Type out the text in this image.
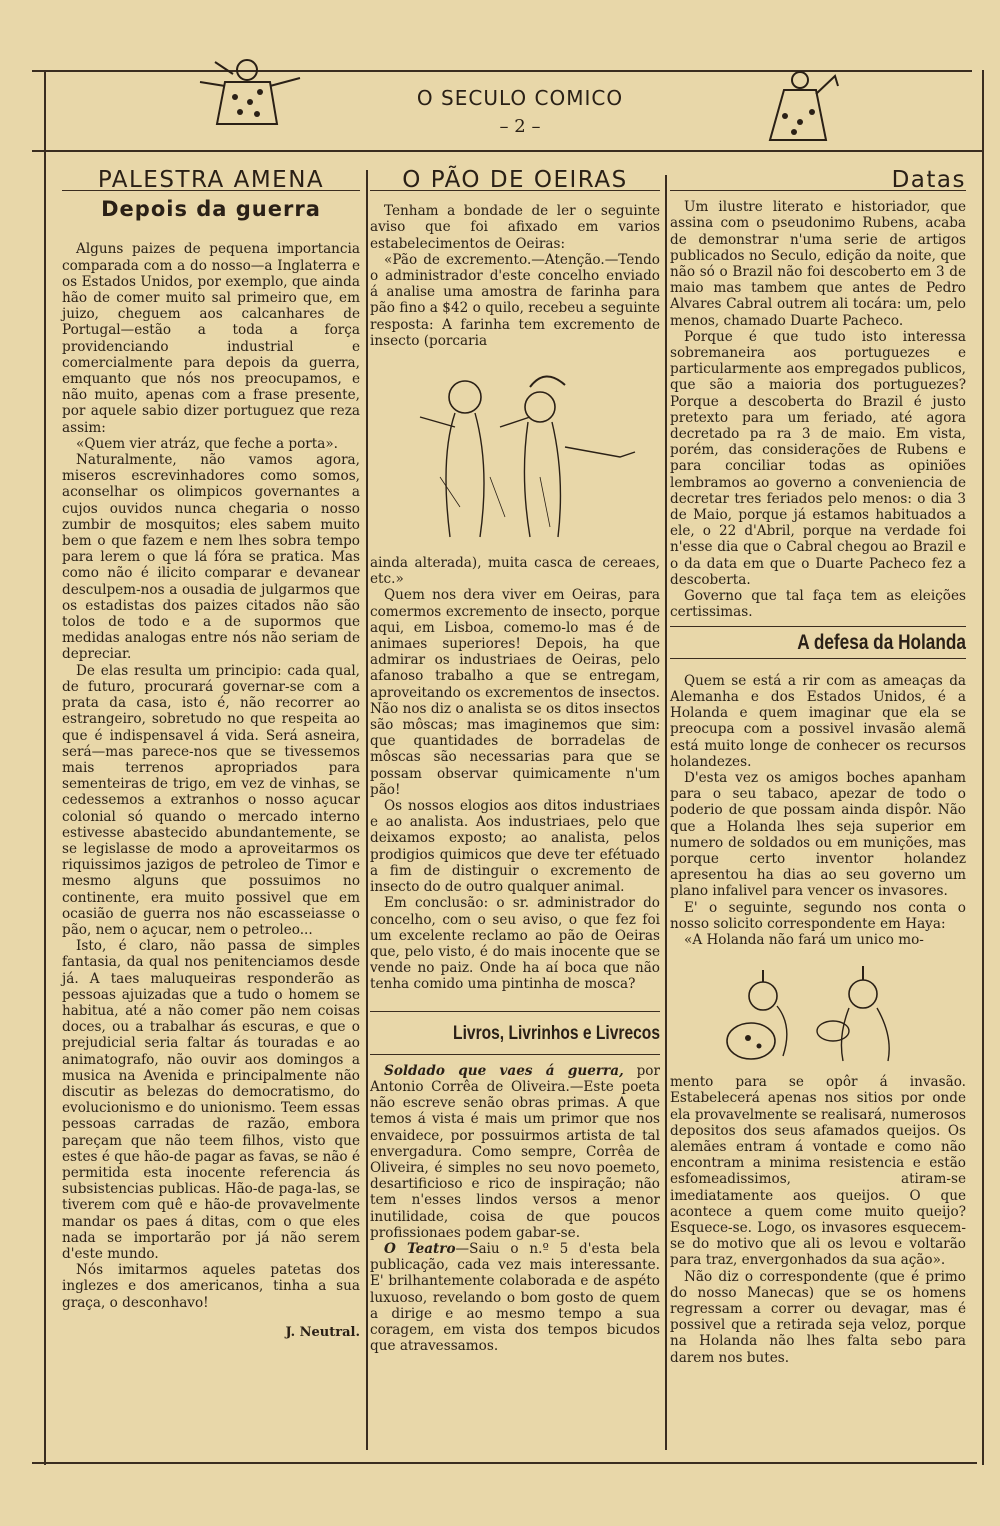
O SECULO COMICO
– 2 –
PALESTRA AMENA
Depois da guerra

Alguns paizes de pequena importancia comparada com a do nosso—a Inglaterra e os Estados Unidos, por exemplo, que ainda hão de comer muito sal primeiro que, em juizo, cheguem aos calcanhares de Portugal—estão a toda a força providenciando industrial e comercialmente para depois da guerra, emquanto que nós nos preocupamos, e não muito, apenas com a frase presente, por aquele sabio dizer portuguez que reza assim:

«Quem vier atráz, que feche a porta».

Naturalmente, não vamos agora, miseros escrevinhadores como somos, aconselhar os olimpicos governantes a cujos ouvidos nunca chegaria o nosso zumbir de mosquitos; eles sabem muito bem o que fazem e nem lhes sobra tempo para lerem o que lá fóra se pratica. Mas como não é ilicito comparar e devanear desculpem-nos a ousadia de julgarmos que os estadistas dos paizes citados não são tolos de todo e a de supormos que medidas analogas entre nós não seriam de depreciar.

De elas resulta um principio: cada qual, de futuro, procurará governar-se com a prata da casa, isto é, não recorrer ao estrangeiro, sobretudo no que respeita ao que é indispensavel á vida. Será asneira, será—mas parece-nos que se tivessemos mais terrenos apropriados para sementeiras de trigo, em vez de vinhas, se cedessemos a extranhos o nosso açucar colonial só quando o mercado interno estivesse abastecido abundantemente, se se legislasse de modo a aproveitarmos os riquissimos jazigos de petroleo de Timor e mesmo alguns que possuimos no continente, era muito possivel que em ocasião de guerra nos não escasseiasse o pão, nem o açucar, nem o petroleo...

Isto, é claro, não passa de simples fantasia, da qual nos penitenciamos desde já. A taes maluqueiras responderão as pessoas ajuizadas que a tudo o homem se habitua, até a não comer pão nem coisas doces, ou a trabalhar ás escuras, e que o prejudicial seria faltar ás touradas e ao animatografo, não ouvir aos domingos a musica na Avenida e principalmente não discutir as belezas do democratismo, do evolucionismo e do unionismo. Teem essas pessoas carradas de razão, embora pareçam que não teem filhos, visto que estes é que hão-de pagar as favas, se não é permitida esta inocente referencia ás subsistencias publicas. Hão-de paga-las, se tiverem com quê e hão-de provavelmente mandar os paes á ditas, com o que eles nada se importarão por já não serem d'este mundo.

Nós imitarmos aqueles patetas dos inglezes e dos americanos, tinha a sua graça, o desconhavo!

J. Neutral.
O PÃO DE OEIRAS

Tenham a bondade de ler o seguinte aviso que foi afixado em varios estabelecimentos de Oeiras:

«Pão de excremento.—Atenção.—Tendo o administrador d'este concelho enviado á analise uma amostra de farinha para pão fino a $42 o quilo, recebeu a seguinte resposta: A farinha tem excremento de insecto (porcaria

ainda alterada), muita casca de cereaes, etc.»

Quem nos dera viver em Oeiras, para comermos excremento de insecto, porque aqui, em Lisboa, comemo-lo mas é de animaes superiores! Depois, ha que admirar os industriaes de Oeiras, pelo afanoso trabalho a que se entregam, aproveitando os excrementos de insectos. Não nos diz o analista se os ditos insectos são môscas; mas imaginemos que sim: que quantidades de borradelas de môscas são necessarias para que se possam observar quimicamente n'um pão!

Os nossos elogios aos ditos industriaes e ao analista. Aos industriaes, pelo que deixamos exposto; ao analista, pelos prodigios quimicos que deve ter efétuado a fim de distinguir o excremento de insecto do de outro qualquer animal.

Em conclusão: o sr. administrador do concelho, com o seu aviso, o que fez foi um excelente reclamo ao pão de Oeiras que, pelo visto, é do mais inocente que se vende no paiz. Onde ha aí boca que não tenha comido uma pintinha de mosca?

Livros, Livrinhos e Livrecos

Soldado que vaes á guerra, por Antonio Corrêa de Oliveira.—Este poeta não escreve senão obras primas. A que temos á vista é mais um primor que nos envaidece, por possuirmos artista de tal envergadura. Como sempre, Corrêa de Oliveira, é simples no seu novo poemeto, desartificioso e rico de inspiração; não tem n'esses lindos versos a menor inutilidade, coisa de que poucos profissionaes podem gabar-se.

O Teatro—Saiu o n.º 5 d'esta bela publicação, cada vez mais interessante. E' brilhantemente colaborada e de aspéto luxuoso, revelando o bom gosto de quem a dirige e ao mesmo tempo a sua coragem, em vista dos tempos bicudos que atravessamos.

Datas

Um ilustre literato e historiador, que assina com o pseudonimo Rubens, acaba de demonstrar n'uma serie de artigos publicados no Seculo, edição da noite, que não só o Brazil não foi descoberto em 3 de maio mas tambem que antes de Pedro Alvares Cabral outrem ali tocára: um, pelo menos, chamado Duarte Pacheco.

Porque é que tudo isto interessa sobremaneira aos portuguezes e particularmente aos empregados publicos, que são a maioria dos portuguezes? Porque a descoberta do Brazil é justo pretexto para um feriado, até agora decretado pa ra 3 de maio. Em vista, porém, das considerações de Rubens e para conciliar todas as opiniões lembramos ao governo a conveniencia de decretar tres feriados pelo menos: o dia 3 de Maio, porque já estamos habituados a ele, o 22 d'Abril, porque na verdade foi n'esse dia que o Cabral chegou ao Brazil e o da data em que o Duarte Pacheco fez a descoberta.

Governo que tal faça tem as eleições certissimas.

A defesa da Holanda

Quem se está a rir com as ameaças da Alemanha e dos Estados Unidos, é a Holanda e quem imaginar que ela se preocupa com a possivel invasão alemã está muito longe de conhecer os recursos holandezes.

D'esta vez os amigos boches apanham para o seu tabaco, apezar de todo o poderio de que possam ainda dispôr. Não que a Holanda lhes seja superior em numero de soldados ou em munições, mas porque certo inventor holandez apresentou ha dias ao seu governo um plano infalivel para vencer os invasores.

E' o seguinte, segundo nos conta o nosso solicito correspondente em Haya:

«A Holanda não fará um unico mo-

mento para se opôr á invasão. Estabelecerá apenas nos sitios por onde ela provavelmente se realisará, numerosos depositos dos seus afamados queijos. Os alemães entram á vontade e como não encontram a minima resistencia e estão esfomeadissimos, atiram-se imediatamente aos queijos. O que acontece a quem come muito queijo? Esquece-se. Logo, os invasores esquecem-se do motivo que ali os levou e voltarão para traz, envergonhados da sua ação».

Não diz o correspondente (que é primo do nosso Manecas) que se os homens regressam a correr ou devagar, mas é possivel que a retirada seja veloz, porque na Holanda não lhes falta sebo para darem nos butes.
